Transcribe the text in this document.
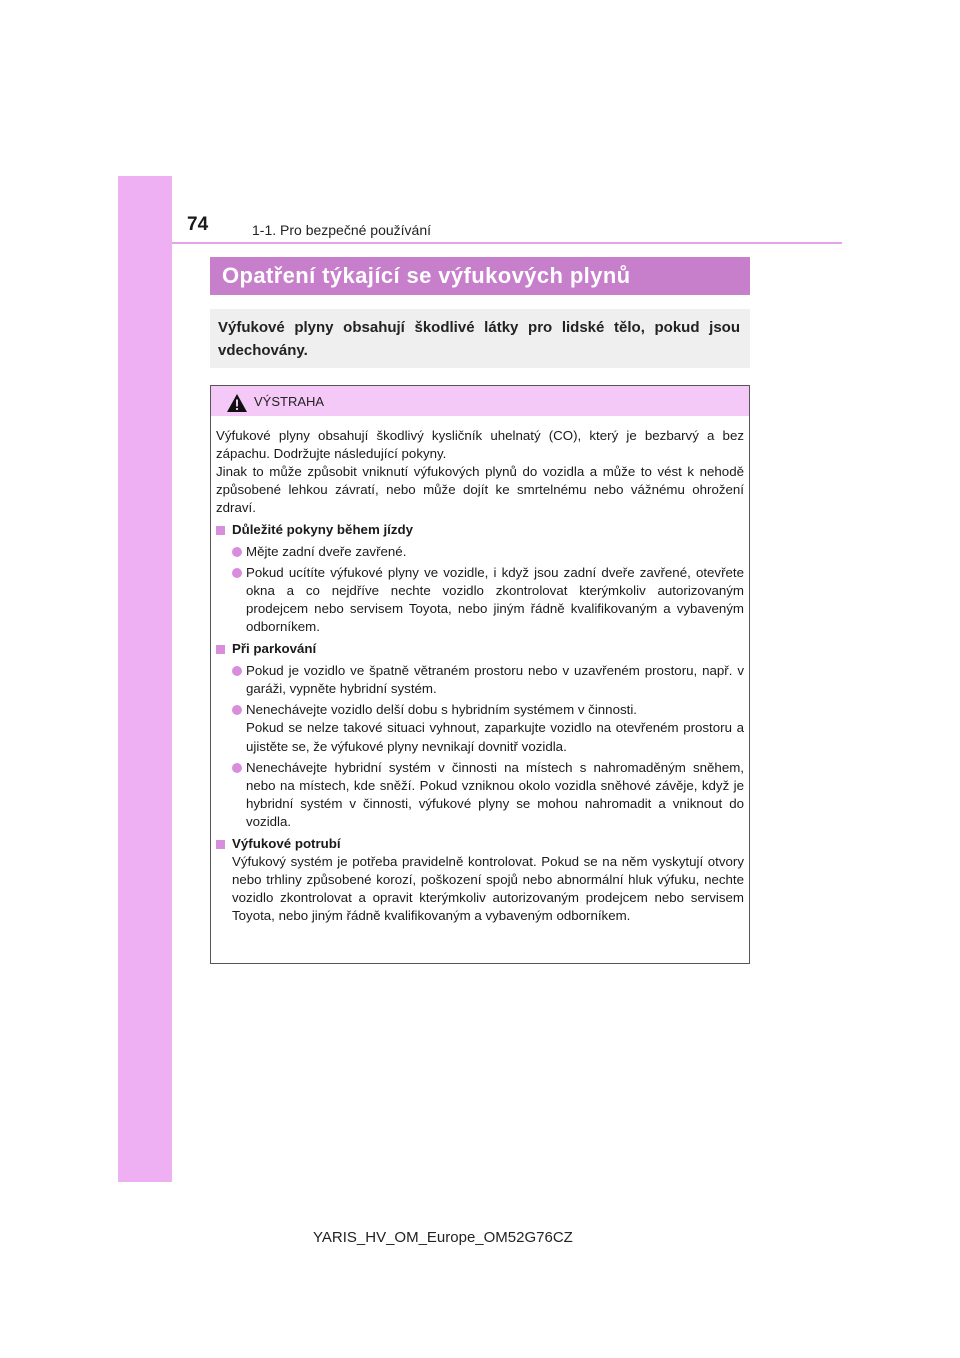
74	1-1. Pro bezpečné používání
Opatření týkající se výfukových plynů
Výfukové plyny obsahují škodlivé látky pro lidské tělo, pokud jsou vdechovány.
VÝSTRAHA

Výfukové plyny obsahují škodlivý kysličník uhelnatý (CO), který je bezbarvý a bez zápachu. Dodržujte následující pokyny.

Jinak to může způsobit vniknutí výfukových plynů do vozidla a může to vést k nehodě způsobené lehkou závratí, nebo může dojít ke smrtelnému nebo vážnému ohrožení zdraví.

Důležité pokyny během jízdy
Mějte zadní dveře zavřené.
Pokud ucítíte výfukové plyny ve vozidle, i když jsou zadní dveře zavřené, otevřete okna a co nejdříve nechte vozidlo zkontrolovat kterýmkoliv autorizovaným prodejcem nebo servisem Toyota, nebo jiným řádně kvalifikovaným a vybaveným odborníkem.
Při parkování
Pokud je vozidlo ve špatně větraném prostoru nebo v uzavřeném prostoru, např. v garáži, vypněte hybridní systém.
Nenechávejte vozidlo delší dobu s hybridním systémem v činnosti.
Pokud se nelze takové situaci vyhnout, zaparkujte vozidlo na otevřeném prostoru a ujistěte se, že výfukové plyny nevnikají dovnitř vozidla.
Nenechávejte hybridní systém v činnosti na místech s nahromaděným sněhem, nebo na místech, kde sněží. Pokud vzniknou okolo vozidla sněhové závěje, když je hybridní systém v činnosti, výfukové plyny se mohou nahromadit a vniknout do vozidla.
Výfukové potrubí
Výfukový systém je potřeba pravidelně kontrolovat. Pokud se na něm vyskytují otvory nebo trhliny způsobené korozí, poškození spojů nebo abnormální hluk výfuku, nechte vozidlo zkontrolovat a opravit kterýmkoliv autorizovaným prodejcem nebo servisem Toyota, nebo jiným řádně kvalifikovaným a vybaveným odborníkem.
YARIS_HV_OM_Europe_OM52G76CZ
